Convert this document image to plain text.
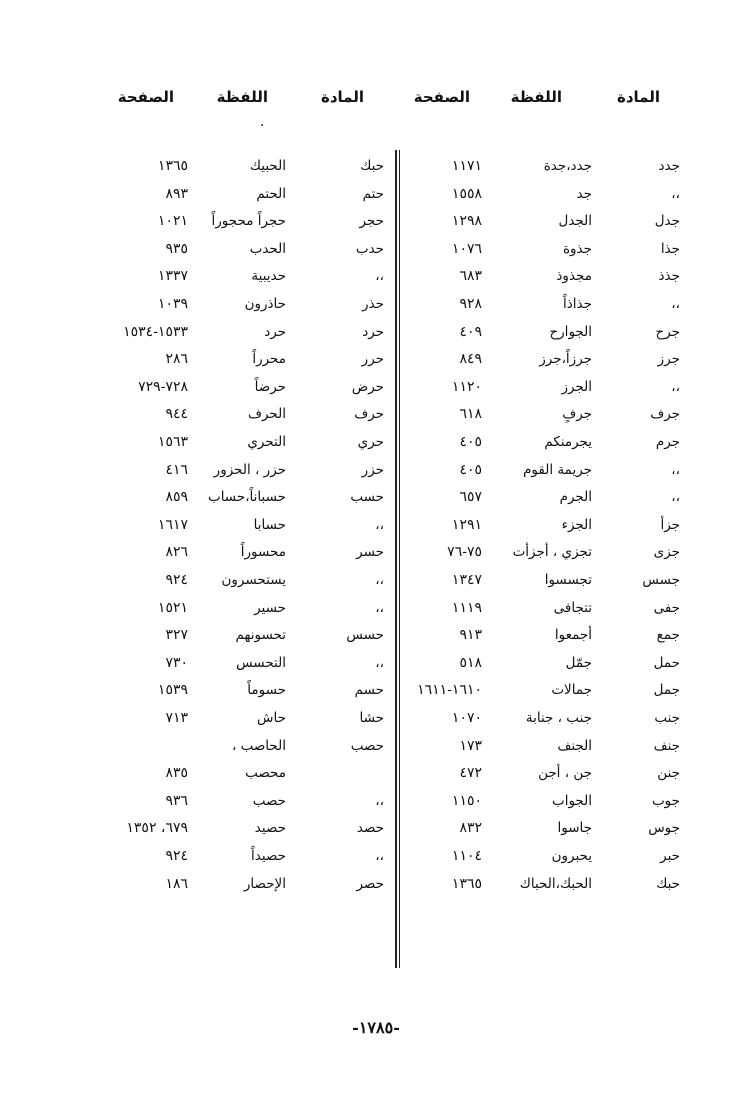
المادة
اللفظة
الصفحة
المادة
اللفظة
الصفحة
·
جدد
جدد،جدة
١١٧١
،،
جد
١٥٥٨
جدل
الجدل
١٢٩٨
جذا
جذوة
١٠٧٦
جذذ
مجذوذ
٦٨٣
،،
جذاذاً
٩٢٨
جرح
الجوارح
٤٠٩
جرز
جرزاً،جرز
٨٤٩
،،
الجرز
١١٢٠
جرف
جرفٍ
٦١٨
جرم
يجرمنكم
٤٠٥
،،
جريمة القوم
٤٠٥
،،
الجرم
٦٥٧
جزأ
الجزء
١٢٩١
جزى
تجزي ، أجزأت
٧٥-٧٦
جسس
تجسسوا
١٣٤٧
جفى
تتجافى
١١١٩
جمع
أجمعوا
٩١٣
حمل
جمّل
٥١٨
جمل
جمالات
١٦١٠-١٦١١
جنب
جنب ، جنابة
١٠٧٠
جنف
الجنف
١٧٣
جنن
جن ، أجن
٤٧٢
جوب
الجواب
١١٥٠
جوس
جاسوا
٨٣٢
حبر
يحبرون
١١٠٤
حبك
الحبك،الحباك
١٣٦٥
حبك
الحبيك
١٣٦٥
حتم
الحتم
٨٩٣
حجر
حجراً محجوراً
١٠٢١
حدب
الحدب
٩٣٥
،،
حديبية
١٣٣٧
حذر
حاذرون
١٠٣٩
حرد
حرد
١٥٣٣-١٥٣٤
حرر
محرراً
٢٨٦
حرض
حرضاً
٧٢٨-٧٢٩
حرف
الحرف
٩٤٤
حري
التحري
١٥٦٣
حزر
حزر ، الحزور
٤١٦
حسب
حسباناً،حساب
٨٥٩
،،
حسابا
١٦١٧
حسر
محسوراً
٨٢٦
،،
يستحسرون
٩٢٤
،،
حسير
١٥٢١
حسس
تحسونهم
٣٢٧
،،
التحسس
٧٣٠
حسم
حسوماً
١٥٣٩
حشا
حاش
٧١٣
حصب
الحاصب ،
محصب
٨٣٥
،،
حصب
٩٣٦
حصد
حصيد
٦٧٩، ١٣٥٢
،،
حصيداً
٩٢٤
حصر
الإحصار
١٨٦
-١٧٨٥-
